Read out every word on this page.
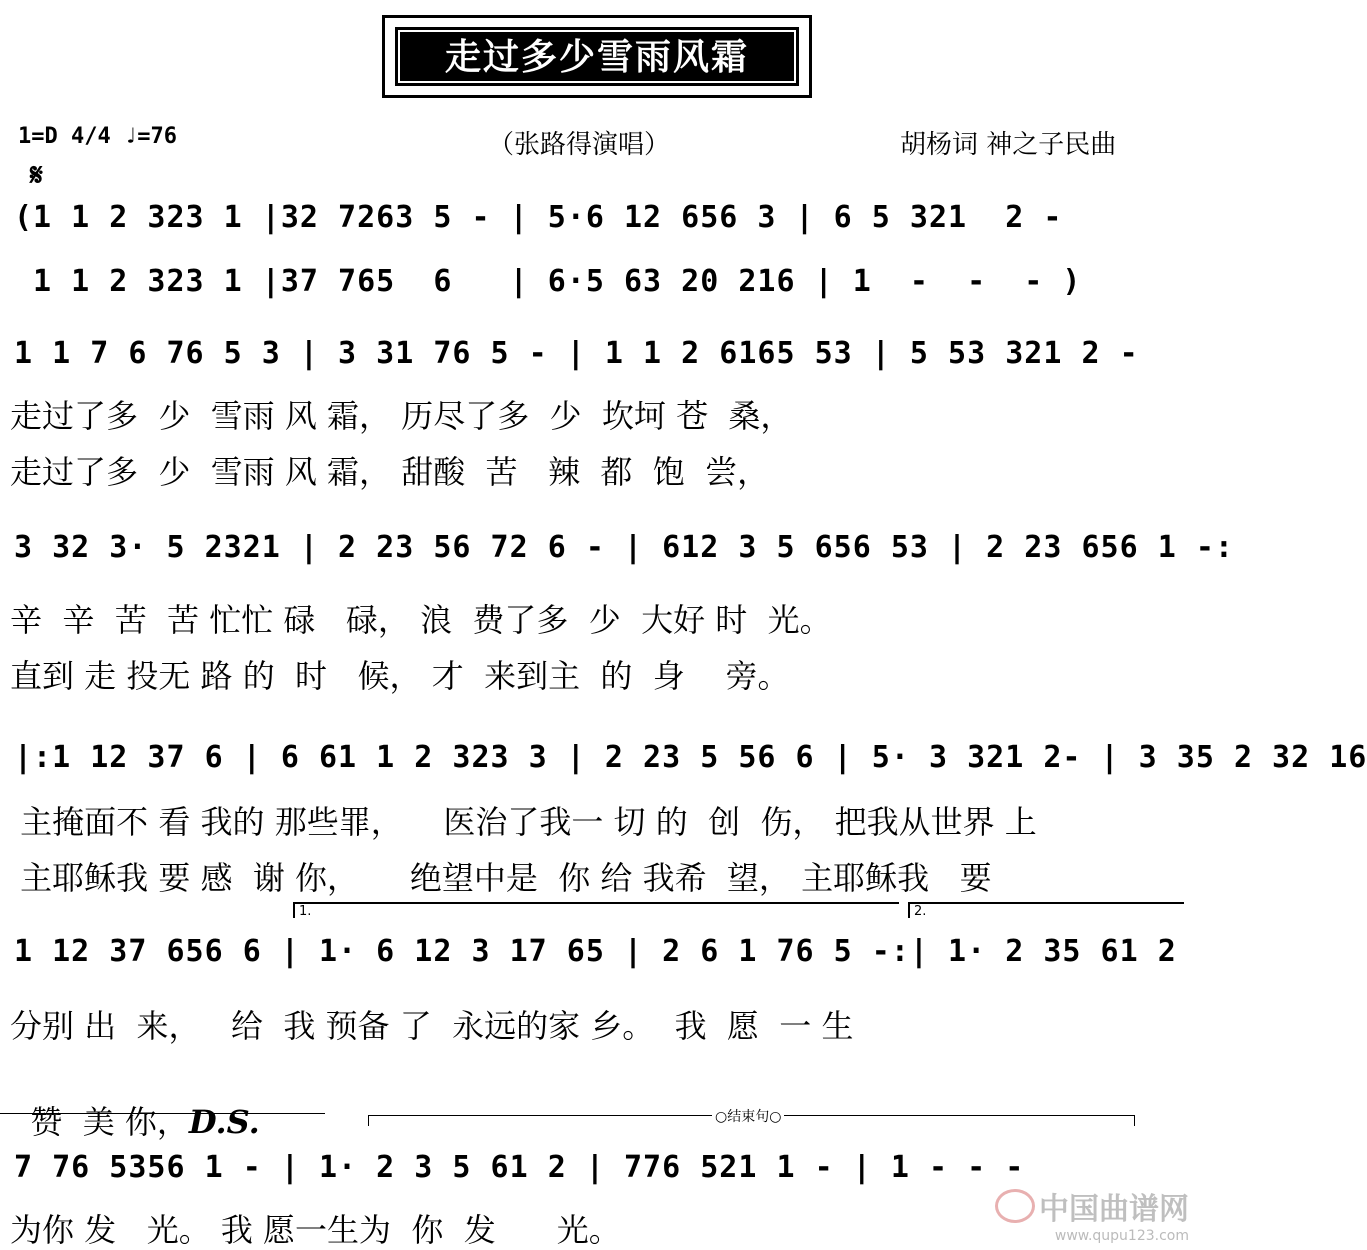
走过多少雪雨风霜
1=D 4/4 ♩=76	（张路得演唱）	胡杨词 神之子民曲
𝄋
(1 1 2 323 1 |32 7263 5 - | 5·6 12 656 3 | 6 5 321  2 -
1 1 2 323 1 |37 765  6   | 6·5 63 20 216 | 1  -  -  - )
1 1 7 6 76 5 3 | 3 31 76 5 - | 1 1 2 6165 53 | 5 53 321 2 -
走过了多  少  雪雨 风 霜， 历尽了多  少  坎坷 苍  桑，
走过了多  少  雪雨 风 霜， 甜酸  苦   辣  都  饱  尝，
3 32 3· 5 2321 | 2 23 56 72 6 - | 612 3 5 656 53 | 2 23 656 1 -:
辛  辛  苦  苦 忙忙 碌   碌， 浪  费了多  少  大好 时  光。
直到 走 投无 路 的  时   候， 才  来到主  的  身    旁。
|:1 12 37 6 | 6 61 1 2 323 3 | 2 23 5 56 6 | 5· 3 321 2- | 3 35 2 32 16
主掩面不 看 我的 那些罪，    医治了我一 切 的  创  伤， 把我从世界 上
主耶稣我 要 感  谢 你，     绝望中是  你 给 我希  望， 主耶稣我   要
1.	2.
1 12 37 656 6 | 1· 6 12 3 17 65 | 2 6 1 76 5 -:| 1· 2 35 61 2
分别 出  来，   给  我 预备 了  永远的家 乡。  我  愿  一 生

赞  美 你，D.S.	○结束句○
7 76 5356 1 - | 1· 2 3 5 61 2 | 776 521 1 - | 1 - - -
为你 发   光。 我 愿一生为  你  发      光。
中国曲谱网
www.qupu123.com
